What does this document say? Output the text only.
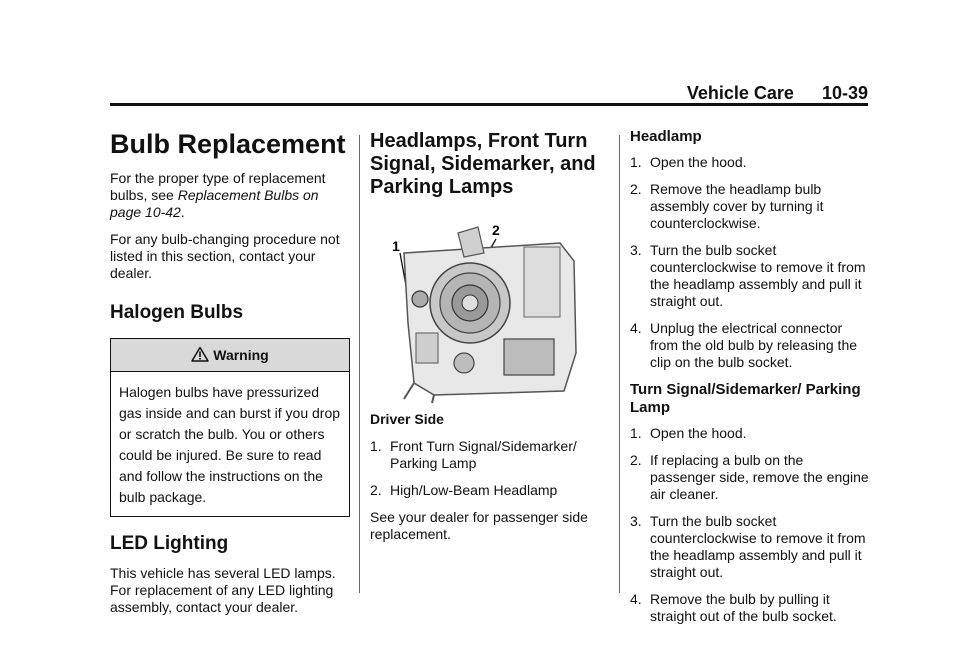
Vehicle Care 10-39
Bulb Replacement

For the proper type of replacement bulbs, see Replacement Bulbs on page 10-42.

For any bulb-changing procedure not listed in this section, contact your dealer.

Halogen Bulbs
Warning
Halogen bulbs have pressurized gas inside and can burst if you drop or scratch the bulb. You or others could be injured. Be sure to read and follow the instructions on the bulb package.
LED Lighting

This vehicle has several LED lamps. For replacement of any LED lighting assembly, contact your dealer.

Headlamps, Front Turn Signal, Sidemarker, and Parking Lamps
1
2
Driver Side
1. Front Turn Signal/Sidemarker/ Parking Lamp
2. High/Low-Beam Headlamp

See your dealer for passenger side replacement.

Headlamp
1. Open the hood.
2. Remove the headlamp bulb assembly cover by turning it counterclockwise.
3. Turn the bulb socket counterclockwise to remove it from the headlamp assembly and pull it straight out.
4. Unplug the electrical connector from the old bulb by releasing the clip on the bulb socket.
Turn Signal/Sidemarker/ Parking Lamp
1. Open the hood.
2. If replacing a bulb on the passenger side, remove the engine air cleaner.
3. Turn the bulb socket counterclockwise to remove it from the headlamp assembly and pull it straight out.
4. Remove the bulb by pulling it straight out of the bulb socket.
